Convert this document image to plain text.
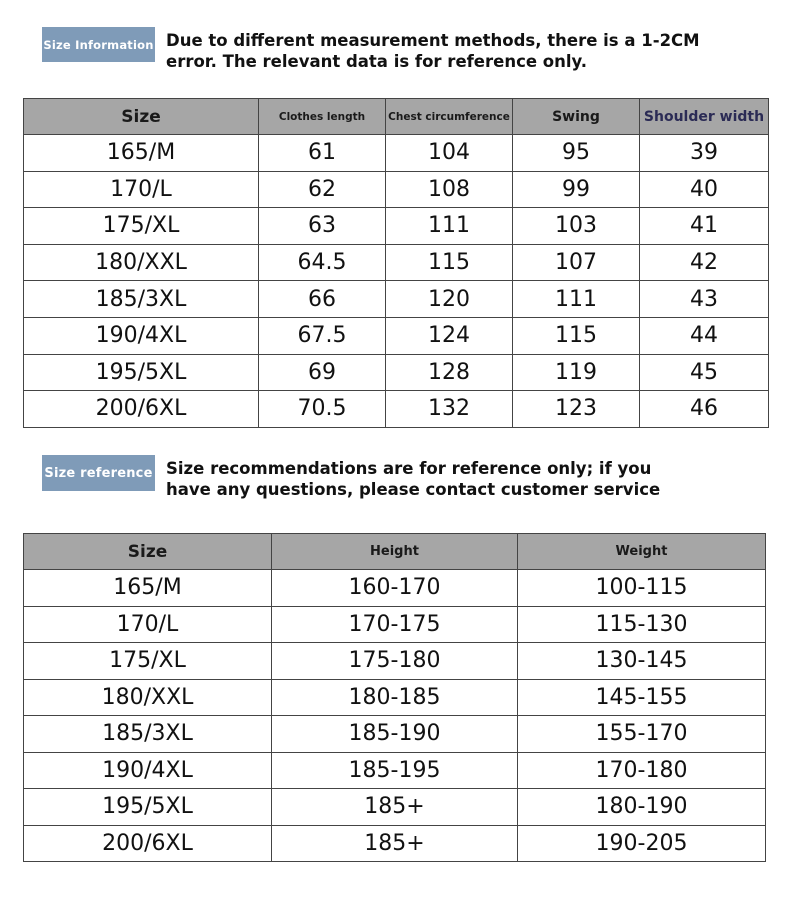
Size Information Due to different measurement methods, there is a 1-2CM
error. The relevant data is for reference only.
Size	Clothes length	Chest circumference	Swing	Shoulder width
165/M	61	104	95	39
170/L	62	108	99	40
175/XL	63	111	103	41
180/XXL	64.5	115	107	42
185/3XL	66	120	111	43
190/4XL	67.5	124	115	44
195/5XL	69	128	119	45
200/6XL	70.5	132	123	46
Size reference Size recommendations are for reference only; if you
have any questions, please contact customer service
Size	Height	Weight
165/M	160-170	100-115
170/L	170-175	115-130
175/XL	175-180	130-145
180/XXL	180-185	145-155
185/3XL	185-190	155-170
190/4XL	185-195	170-180
195/5XL	185+	180-190
200/6XL	185+	190-205
